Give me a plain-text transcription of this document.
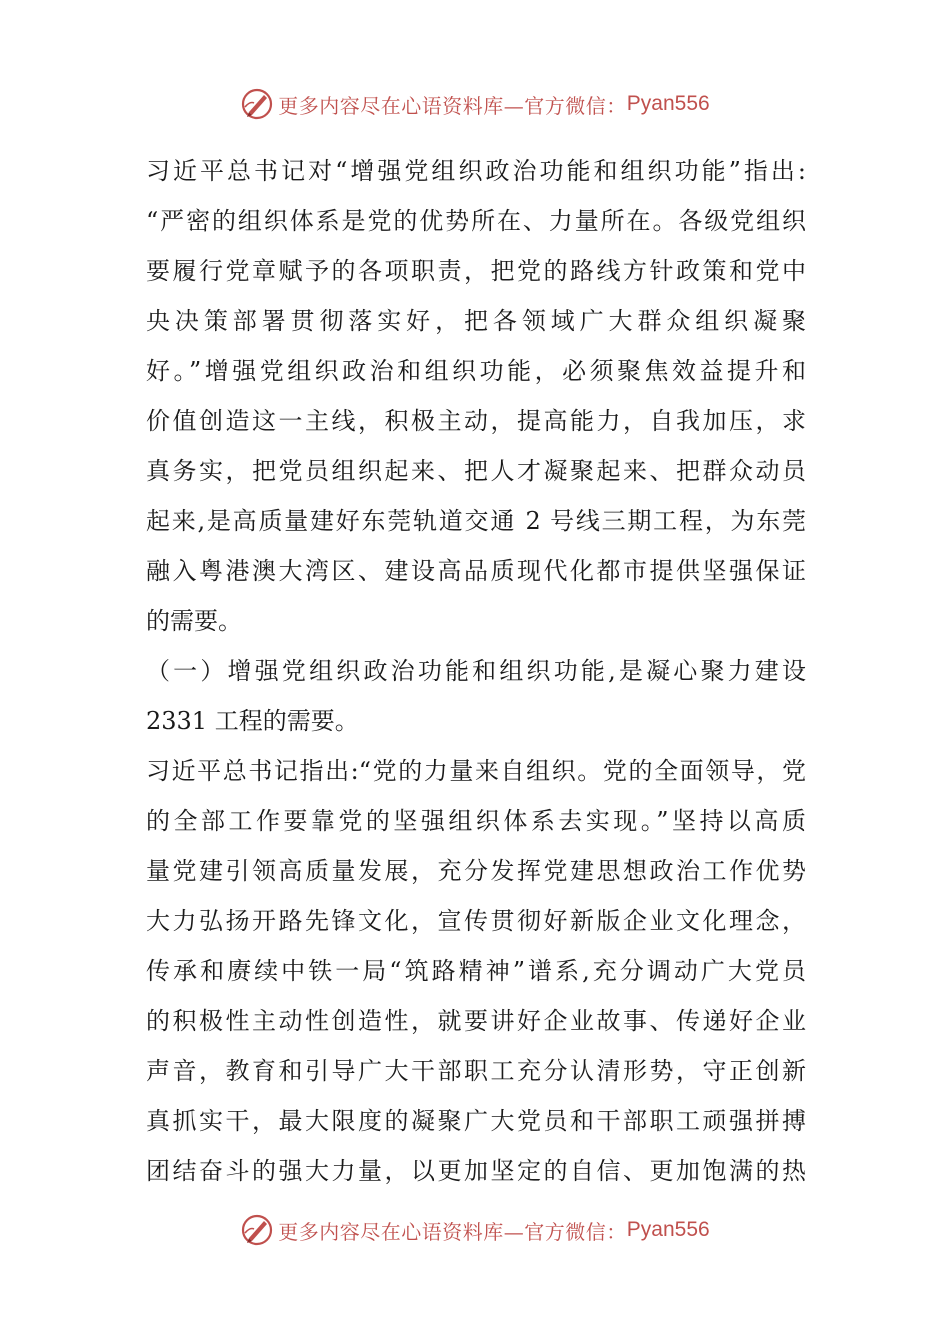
更多内容尽在心语资料库—官方微信： Pyan556
习近平总书记对“增强党组织政治功能和组织功能”指出:
“严密的组织体系是党的优势所在、力量所在。各级党组织
要履行党章赋予的各项职责，把党的路线方针政策和党中
央决策部署贯彻落实好，把各领域广大群众组织凝聚
好。”增强党组织政治和组织功能，必须聚焦效益提升和
价值创造这一主线，积极主动，提高能力，自我加压，求
真务实，把党员组织起来、把人才凝聚起来、把群众动员
起来,是高质量建好东莞轨道交通 2 号线三期工程，为东莞
融入粤港澳大湾区、建设高品质现代化都市提供坚强保证
的需要。
（一）增强党组织政治功能和组织功能,是凝心聚力建设
2331 工程的需要。
习近平总书记指出:“党的力量来自组织。党的全面领导，党
的全部工作要靠党的坚强组织体系去实现。”坚持以高质
量党建引领高质量发展，充分发挥党建思想政治工作优势
大力弘扬开路先锋文化，宣传贯彻好新版企业文化理念，
传承和赓续中铁一局“筑路精神”谱系,充分调动广大党员
的积极性主动性创造性，就要讲好企业故事、传递好企业
声音，教育和引导广大干部职工充分认清形势，守正创新
真抓实干，最大限度的凝聚广大党员和干部职工顽强拼搏
团结奋斗的强大力量，以更加坚定的自信、更加饱满的热
更多内容尽在心语资料库—官方微信： Pyan556
